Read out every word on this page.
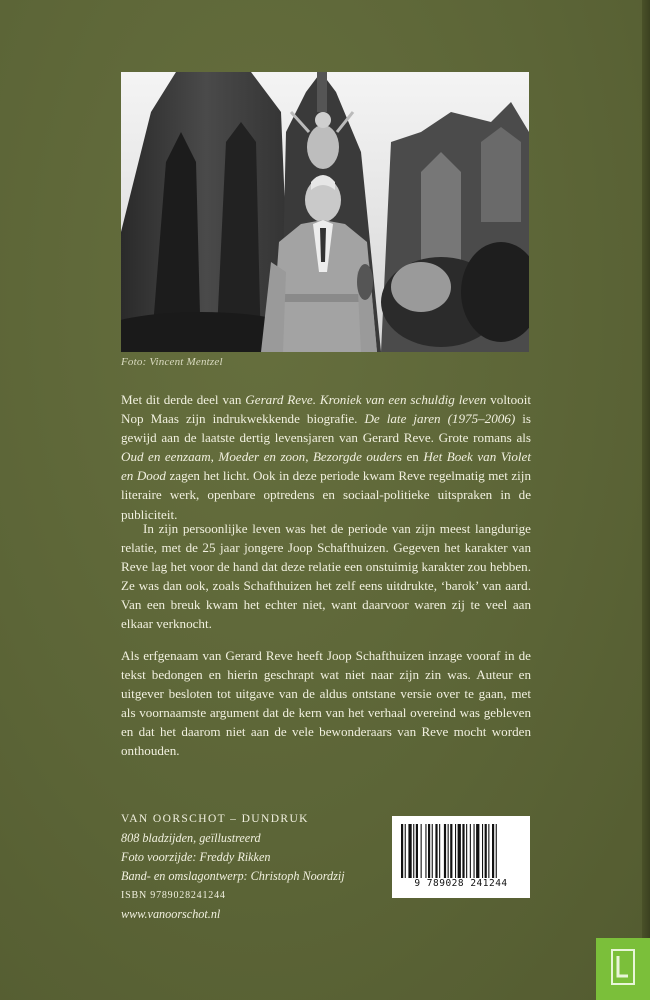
Foto: Vincent Mentzel

Met dit derde deel van Gerard Reve. Kroniek van een schuldig leven voltooit Nop Maas zijn indrukwekkende biografie. De late jaren (1975–2006) is gewijd aan de laatste dertig levensjaren van Gerard Reve. Grote romans als Oud en eenzaam, Moeder en zoon, Bezorgde ouders en Het Boek van Violet en Dood zagen het licht. Ook in deze periode kwam Reve regelmatig met zijn literaire werk, openbare optredens en sociaal-politieke uitspraken in de publiciteit.

In zijn persoonlijke leven was het de periode van zijn meest langdurige relatie, met de 25 jaar jongere Joop Schafthuizen. Gegeven het karakter van Reve lag het voor de hand dat deze relatie een onstuimig karakter zou hebben. Ze was dan ook, zoals Schafthuizen het zelf eens uitdrukte, ‘barok’ van aard. Van een breuk kwam het echter niet, want daarvoor waren zij te veel aan elkaar verknocht.

Als erfgenaam van Gerard Reve heeft Joop Schafthuizen inzage vooraf in de tekst bedongen en hierin geschrapt wat niet naar zijn zin was. Auteur en uitgever besloten tot uitgave van de aldus ontstane versie over te gaan, met als voornaamste argument dat de kern van het verhaal overeind was gebleven en dat het daarom niet aan de vele bewonderaars van Reve mocht worden onthouden.

VAN OORSCHOT – DUNDRUK
808 bladzijden, geïllustreerd
Foto voorzijde: Freddy Rikken
Band- en omslagontwerp: Christoph Noordzij
ISBN 9789028241244
www.vanoorschot.nl
9 789028 241244
